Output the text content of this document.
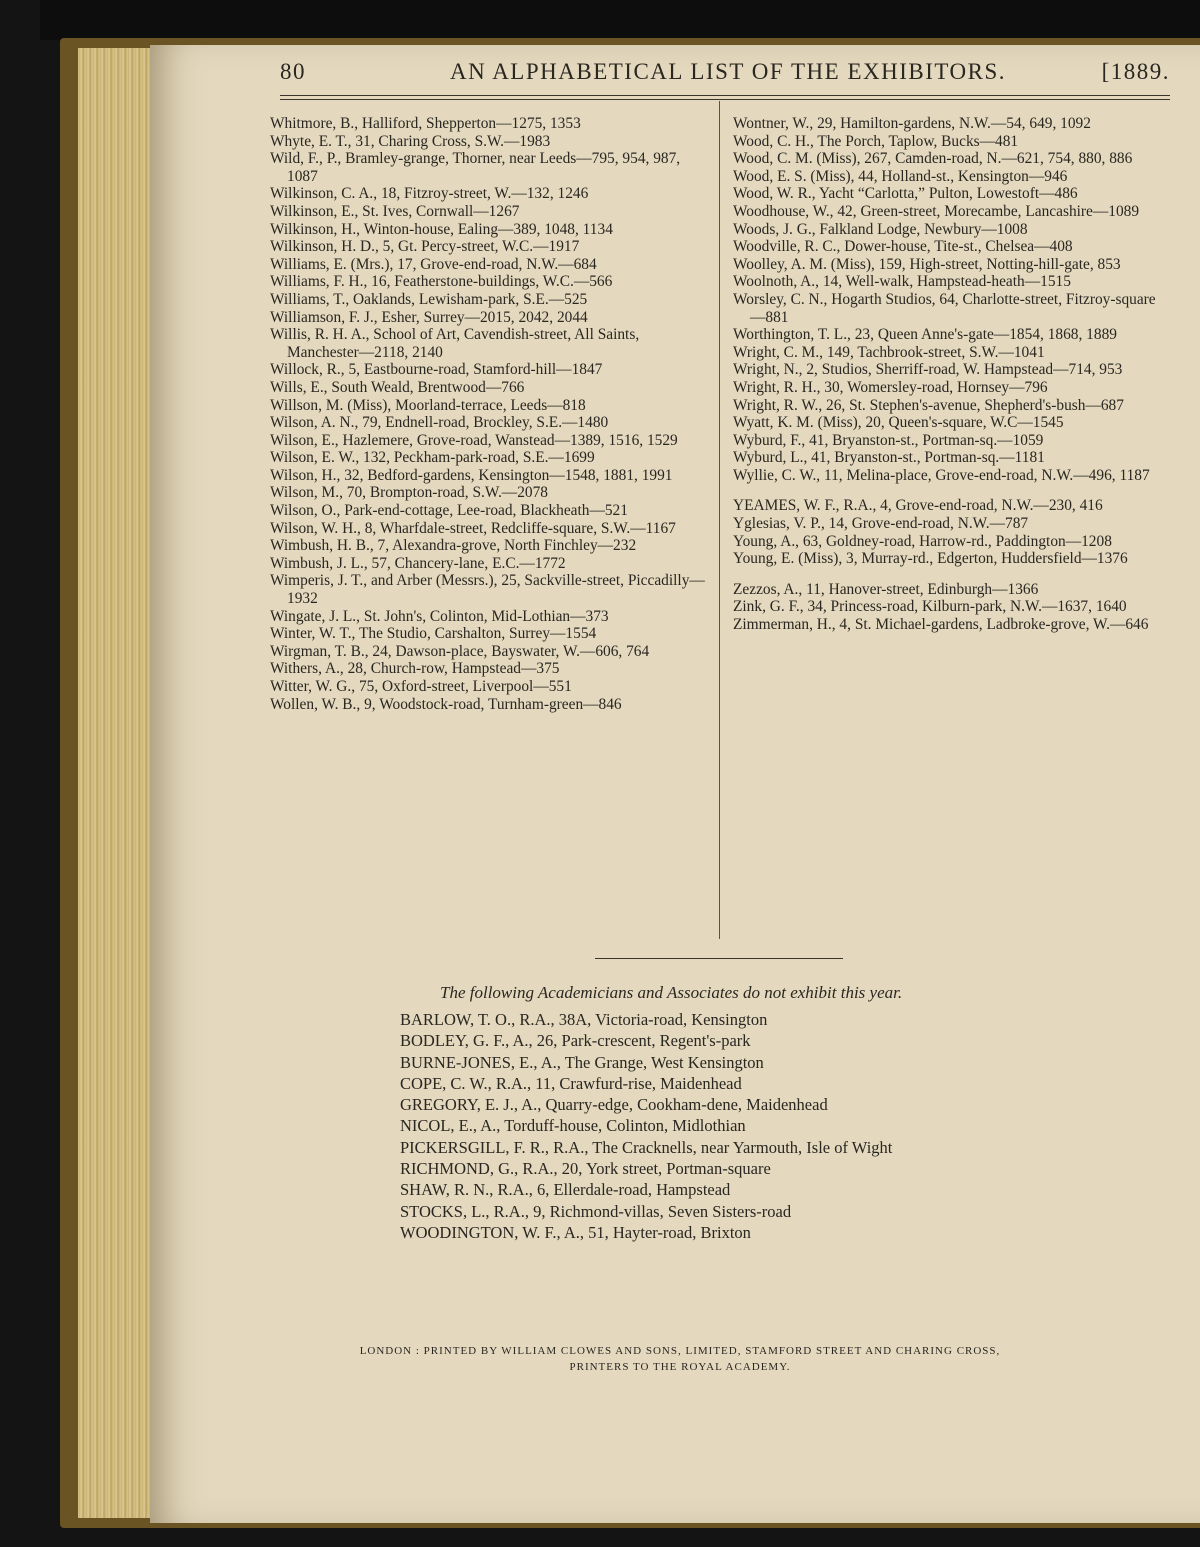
80	AN ALPHABETICAL LIST OF THE EXHIBITORS.	[1889.
Whitmore, B., Halliford, Shepperton—1275, 1353
Whyte, E. T., 31, Charing Cross, S.W.—1983
Wild, F., P., Bramley-grange, Thorner, near Leeds—795, 954, 987, 1087
Wilkinson, C. A., 18, Fitzroy-street, W.—132, 1246
Wilkinson, E., St. Ives, Cornwall—1267
Wilkinson, H., Winton-house, Ealing—389, 1048, 1134
Wilkinson, H. D., 5, Gt. Percy-street, W.C.—1917
Williams, E. (Mrs.), 17, Grove-end-road, N.W.—684
Williams, F. H., 16, Featherstone-buildings, W.C.—566
Williams, T., Oaklands, Lewisham-park, S.E.—525
Williamson, F. J., Esher, Surrey—2015, 2042, 2044
Willis, R. H. A., School of Art, Cavendish-street, All Saints, Manchester—2118, 2140
Willock, R., 5, Eastbourne-road, Stamford-hill—1847
Wills, E., South Weald, Brentwood—766
Willson, M. (Miss), Moorland-terrace, Leeds—818
Wilson, A. N., 79, Endnell-road, Brockley, S.E.—1480
Wilson, E., Hazlemere, Grove-road, Wanstead—1389, 1516, 1529
Wilson, E. W., 132, Peckham-park-road, S.E.—1699
Wilson, H., 32, Bedford-gardens, Kensington—1548, 1881, 1991
Wilson, M., 70, Brompton-road, S.W.—2078
Wilson, O., Park-end-cottage, Lee-road, Blackheath—521
Wilson, W. H., 8, Wharfdale-street, Redcliffe-square, S.W.—1167
Wimbush, H. B., 7, Alexandra-grove, North Finchley—232
Wimbush, J. L., 57, Chancery-lane, E.C.—1772
Wimperis, J. T., and Arber (Messrs.), 25, Sackville-street, Piccadilly—1932
Wingate, J. L., St. John's, Colinton, Mid-Lothian—373
Winter, W. T., The Studio, Carshalton, Surrey—1554
Wirgman, T. B., 24, Dawson-place, Bayswater, W.—606, 764
Withers, A., 28, Church-row, Hampstead—375
Witter, W. G., 75, Oxford-street, Liverpool—551
Wollen, W. B., 9, Woodstock-road, Turnham-green—846
Wontner, W., 29, Hamilton-gardens, N.W.—54, 649, 1092
Wood, C. H., The Porch, Taplow, Bucks—481
Wood, C. M. (Miss), 267, Camden-road, N.—621, 754, 880, 886
Wood, E. S. (Miss), 44, Holland-st., Kensington—946
Wood, W. R., Yacht “Carlotta,” Pulton, Lowestoft—486
Woodhouse, W., 42, Green-street, Morecambe, Lancashire—1089
Woods, J. G., Falkland Lodge, Newbury—1008
Woodville, R. C., Dower-house, Tite-st., Chelsea—408
Woolley, A. M. (Miss), 159, High-street, Notting-hill-gate, 853
Woolnoth, A., 14, Well-walk, Hampstead-heath—1515
Worsley, C. N., Hogarth Studios, 64, Charlotte-street, Fitzroy-square—881
Worthington, T. L., 23, Queen Anne's-gate—1854, 1868, 1889
Wright, C. M., 149, Tachbrook-street, S.W.—1041
Wright, N., 2, Studios, Sherriff-road, W. Hampstead—714, 953
Wright, R. H., 30, Womersley-road, Hornsey—796
Wright, R. W., 26, St. Stephen's-avenue, Shepherd's-bush—687
Wyatt, K. M. (Miss), 20, Queen's-square, W.C—1545
Wyburd, F., 41, Bryanston-st., Portman-sq.—1059
Wyburd, L., 41, Bryanston-st., Portman-sq.—1181
Wyllie, C. W., 11, Melina-place, Grove-end-road, N.W.—496, 1187
YEAMES, W. F., R.A., 4, Grove-end-road, N.W.—230, 416
Yglesias, V. P., 14, Grove-end-road, N.W.—787
Young, A., 63, Goldney-road, Harrow-rd., Paddington—1208
Young, E. (Miss), 3, Murray-rd., Edgerton, Huddersfield—1376
Zezzos, A., 11, Hanover-street, Edinburgh—1366
Zink, G. F., 34, Princess-road, Kilburn-park, N.W.—1637, 1640
Zimmerman, H., 4, St. Michael-gardens, Ladbroke-grove, W.—646
The following Academicians and Associates do not exhibit this year.
BARLOW, T. O., R.A., 38A, Victoria-road, Kensington
BODLEY, G. F., A., 26, Park-crescent, Regent's-park
BURNE-JONES, E., A., The Grange, West Kensington
COPE, C. W., R.A., 11, Crawfurd-rise, Maidenhead
GREGORY, E. J., A., Quarry-edge, Cookham-dene, Maidenhead
NICOL, E., A., Torduff-house, Colinton, Midlothian
PICKERSGILL, F. R., R.A., The Cracknells, near Yarmouth, Isle of Wight
RICHMOND, G., R.A., 20, York street, Portman-square
SHAW, R. N., R.A., 6, Ellerdale-road, Hampstead
STOCKS, L., R.A., 9, Richmond-villas, Seven Sisters-road
WOODINGTON, W. F., A., 51, Hayter-road, Brixton
LONDON : PRINTED BY WILLIAM CLOWES AND SONS, LIMITED, STAMFORD STREET AND CHARING CROSS,
PRINTERS TO THE ROYAL ACADEMY.
